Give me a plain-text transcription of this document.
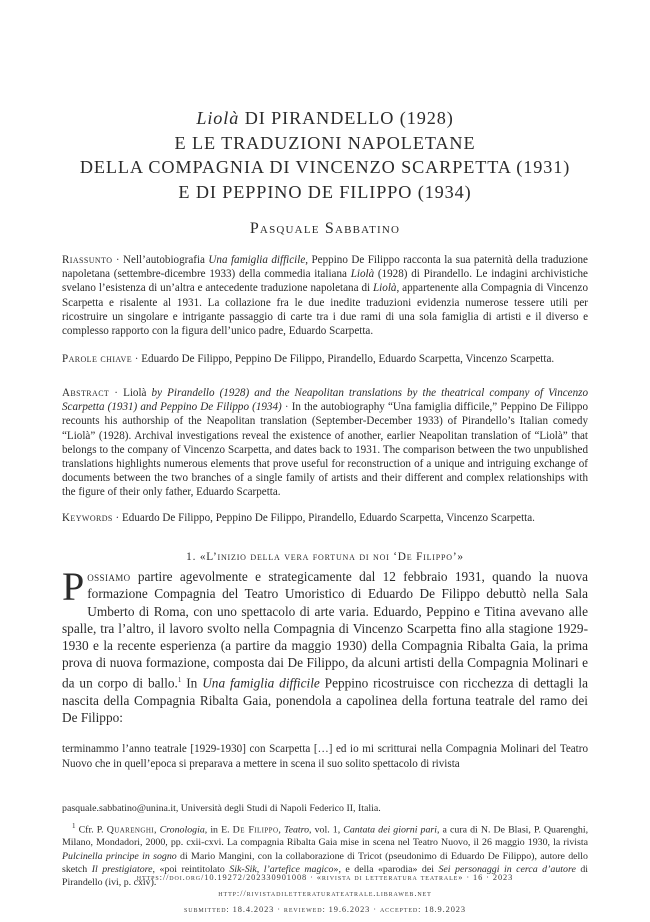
Liolà DI PIRANDELLO (1928)
E LE TRADUZIONI NAPOLETANE
DELLA COMPAGNIA DI VINCENZO SCARPETTA (1931)
E DI PEPPINO DE FILIPPO (1934)
Pasquale Sabbatino
Riassunto · Nell’autobiografia Una famiglia difficile, Peppino De Filippo racconta la sua paternità della traduzione napoletana (settembre-dicembre 1933) della commedia italiana Liolà (1928) di Pirandello. Le indagini archivistiche svelano l’esistenza di un’altra e antecedente traduzione napoletana di Liolà, appartenente alla Compagnia di Vincenzo Scarpetta e risalente al 1931. La collazione fra le due inedite traduzioni evidenzia numerose tessere utili per ricostruire un singolare e intrigante passaggio di carte tra i due rami di una sola famiglia di artisti e il diverso e complesso rapporto con la figura dell’unico padre, Eduardo Scarpetta.
Parole chiave · Eduardo De Filippo, Peppino De Filippo, Pirandello, Eduardo Scarpetta, Vincenzo Scarpetta.
Abstract · Liolà by Pirandello (1928) and the Neapolitan translations by the theatrical company of Vincenzo Scarpetta (1931) and Peppino De Filippo (1934) · In the autobiography “Una famiglia difficile,” Peppino De Filippo recounts his authorship of the Neapolitan translation (September-December 1933) of Pirandello’s Italian comedy “Liolà” (1928). Archival investigations reveal the existence of another, earlier Neapolitan translation of “Liolà” that belongs to the company of Vincenzo Scarpetta, and dates back to 1931. The comparison between the two unpublished translations highlights numerous elements that prove useful for reconstruction of a unique and intriguing exchange of documents between the two branches of a single family of artists and their different and complex relationships with the figure of their only father, Eduardo Scarpetta.
Keywords · Eduardo De Filippo, Peppino De Filippo, Pirandello, Eduardo Scarpetta, Vincenzo Scarpetta.
1. «L’inizio della vera fortuna di noi ‘De Filippo’»
Possiamo partire agevolmente e strategicamente dal 12 febbraio 1931, quando la nuova formazione Compagnia del Teatro Umoristico di Eduardo De Filippo debuttò nella Sala Umberto di Roma, con uno spettacolo di arte varia. Eduardo, Peppino e Titina avevano alle spalle, tra l’altro, il lavoro svolto nella Compagnia di Vincenzo Scarpetta fino alla stagione 1929-1930 e la recente esperienza (a partire da maggio 1930) della Compagnia Ribalta Gaia, la prima prova di nuova formazione, composta dai De Filippo, da alcuni artisti della Compagnia Molinari e da un corpo di ballo.$^1$ In Una famiglia difficile Peppino ricostruisce con ricchezza di dettagli la nascita della Compagnia Ribalta Gaia, ponendola a capolinea della fortuna teatrale del ramo dei De Filippo:
terminammo l’anno teatrale [1929-1930] con Scarpetta […] ed io mi scritturai nella Compagnia Molinari del Teatro Nuovo che in quell’epoca si preparava a mettere in scena il suo solito spettacolo di rivista
pasquale.sabbatino@unina.it, Università degli Studi di Napoli Federico II, Italia.
$^1$ Cfr. P. Quarenghi, Cronologia, in E. De Filippo, Teatro, vol. 1, Cantata dei giorni pari, a cura di N. De Blasi, P. Quarenghi, Milano, Mondadori, 2000, pp. cxii-cxvi. La compagnia Ribalta Gaia mise in scena nel Teatro Nuovo, il 26 maggio 1930, la rivista Pulcinella principe in sogno di Mario Mangini, con la collaborazione di Tricot (pseudonimo di Eduardo De Filippo), autore dello sketch Il prestigiatore, «poi reintitolato Sik-Sik, l’artefice magico», e della «parodia» dei Sei personaggi in cerca d’autore di Pirandello (ivi, p. cxiv).
https://doi.org/10.19272/202330901008 · «rivista di letteratura teatrale» · 16 · 2023
http://rivistadiletteraturateatrale.libraweb.net
submitted: 18.4.2023 · reviewed: 19.6.2023 · accepted: 18.9.2023
